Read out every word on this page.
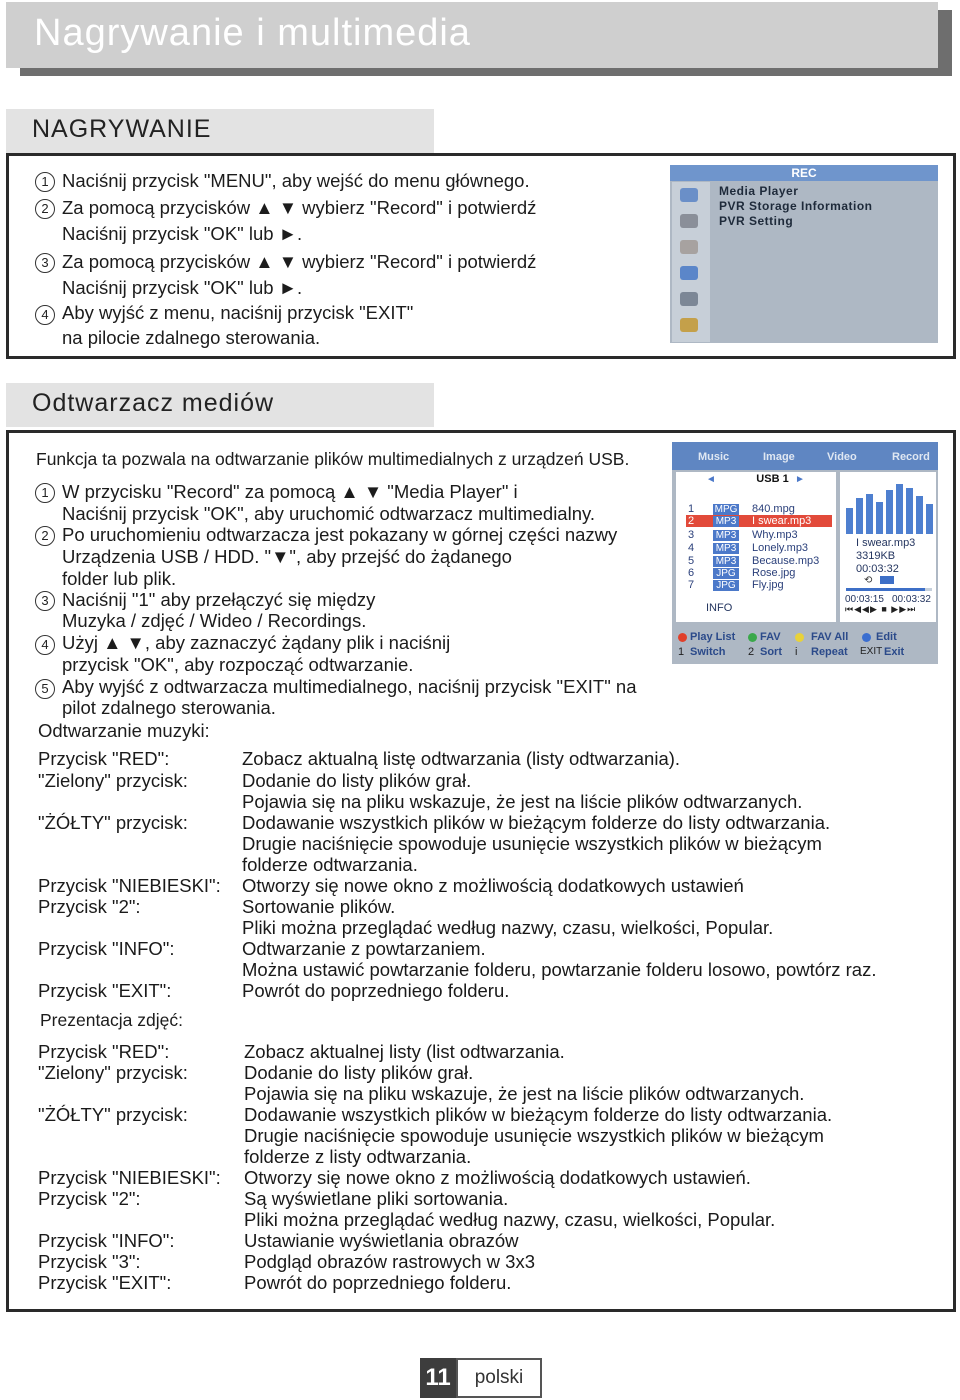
Nagrywanie i multimedia
NAGRYWANIE
1 Naciśnij przycisk "MENU", aby wejść do menu głównego.
2 Za pomocą przycisków ▲ ▼ wybierz "Record" i potwierdź
Naciśnij przycisk "OK" lub ►.
3 Za pomocą przycisków ▲ ▼ wybierz "Record" i potwierdź
Naciśnij przycisk "OK" lub ►.
4 Aby wyjść z menu, naciśnij przycisk "EXIT"
na pilocie zdalnego sterowania.
REC
Media Player
PVR Storage Information
PVR Setting
Odtwarzacz mediów
Funkcja ta pozwala na odtwarzanie plików multimedialnych z urządzeń USB.
1 W przycisku "Record" za pomocą ▲ ▼ "Media Player" i
Naciśnij przycisk "OK", aby uruchomić odtwarzacz multimedialny.
2 Po uruchomieniu odtwarzacza jest pokazany w górnej części nazwy
Urządzenia USB / HDD. "▼", aby przejść do żądanego
folder lub plik.
3 Naciśnij "1" aby przełączyć się między
Muzyka / zdjęć / Wideo / Recordings.
4 Użyj ▲ ▼, aby zaznaczyć żądany plik i naciśnij
przycisk "OK", aby rozpocząć odtwarzanie.
5 Aby wyjść z odtwarzacza multimedialnego, naciśnij przycisk "EXIT" na
pilot zdalnego sterowania.
Odtwarzanie muzyki:
Przycisk "RED":	Zobacz aktualną listę odtwarzania (listy odtwarzania).
"Zielony" przycisk:	Dodanie do listy plików grał.
Pojawia się na pliku wskazuje, że jest na liście plików odtwarzanych.
"ŻÓŁTY" przycisk:	Dodawanie wszystkich plików w bieżącym folderze do listy odtwarzania.
Drugie naciśnięcie spowoduje usunięcie wszystkich plików w bieżącym
folderze odtwarzania.
Przycisk "NIEBIESKI": Otworzy się nowe okno z możliwością dodatkowych ustawień
Przycisk "2":	Sortowanie plików.
Pliki można przeglądać według nazwy, czasu, wielkości, Popular.
Przycisk "INFO":	Odtwarzanie z powtarzaniem.
Można ustawić powtarzanie folderu, powtarzanie folderu losowo, powtórz raz.
Przycisk "EXIT":	Powrót do poprzedniego folderu.
Prezentacja zdjęć:
Przycisk "RED":	Zobacz aktualnej listy (list odtwarzania.
"Zielony" przycisk:	Dodanie do listy plików grał.
Pojawia się na pliku wskazuje, że jest na liście plików odtwarzanych.
"ŻÓŁTY" przycisk:	Dodawanie wszystkich plików w bieżącym folderze do listy odtwarzania.
Drugie naciśnięcie spowoduje usunięcie wszystkich plików w bieżącym
folderze z listy odtwarzania.
Przycisk "NIEBIESKI": Otworzy się nowe okno z możliwością dodatkowych ustawień.
Przycisk "2":	Są wyświetlane pliki sortowania.
Pliki można przeglądać według nazwy, czasu, wielkości, Popular.
Przycisk "INFO":	Ustawianie wyświetlania obrazów
Przycisk "3":	Podgląd obrazów rastrowych w 3x3
Przycisk "EXIT":	Powrót do poprzedniego folderu.
Music	Image	Video	Record
◄	USB 1 ►
1 MPG 840.mpg
2 MP3 I swear.mp3
3 MP3 Why.mp3
4 MP3 Lonely.mp3
5 MP3 Because.mp3
6	JPG Rose.jpg
7	JPG Fly.jpg
INFO
I swear.mp3
3319KB
00:03:32
⟲
00:03:15
00:03:32
⏮◀◀▶ ■ ▶▶⏭
Play List FAV	FAV All	Edit
1 Switch 2 Sort i Repeat EXIT Exit
11	polski
